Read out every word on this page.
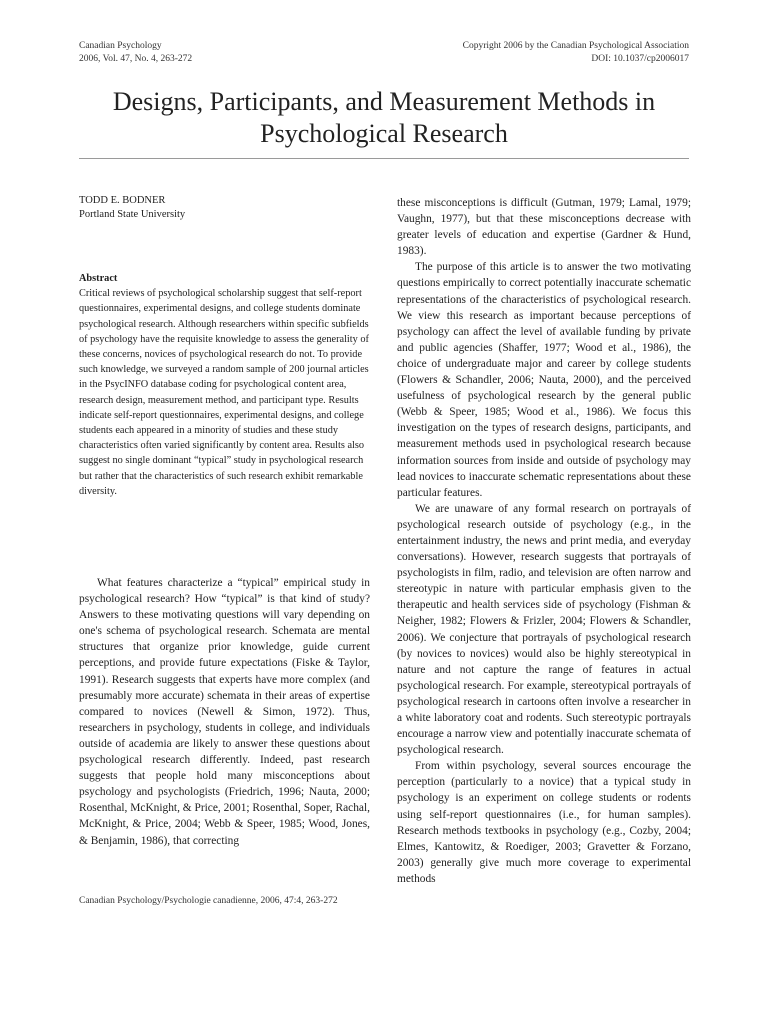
Canadian Psychology
2006, Vol. 47, No. 4, 263-272
Copyright 2006 by the Canadian Psychological Association
DOI: 10.1037/cp2006017
Designs, Participants, and Measurement Methods in Psychological Research
TODD E. BODNER
Portland State University
Abstract
Critical reviews of psychological scholarship suggest that self-report questionnaires, experimental designs, and college students dominate psychological research. Although researchers within specific subfields of psychology have the requisite knowledge to assess the generality of these concerns, novices of psychological research do not. To provide such knowledge, we surveyed a random sample of 200 journal articles in the PsycINFO database coding for psychological content area, research design, measurement method, and participant type. Results indicate self-report questionnaires, experimental designs, and college students each appeared in a minority of studies and these study characteristics often varied significantly by content area. Results also suggest no single dominant “typical” study in psychological research but rather that the characteristics of such research exhibit remarkable diversity.

What features characterize a “typical” empirical study in psychological research? How “typical” is that kind of study? Answers to these motivating questions will vary depending on one's schema of psychological research. Schemata are mental structures that organize prior knowledge, guide current perceptions, and provide future expectations (Fiske & Taylor, 1991). Research suggests that experts have more complex (and presumably more accurate) schemata in their areas of expertise compared to novices (Newell & Simon, 1972). Thus, researchers in psychology, students in college, and individuals outside of academia are likely to answer these questions about psychological research differently. Indeed, past research suggests that people hold many misconceptions about psychology and psychologists (Friedrich, 1996; Nauta, 2000; Rosenthal, McKnight, & Price, 2001; Rosenthal, Soper, Rachal, McKnight, & Price, 2004; Webb & Speer, 1985; Wood, Jones, & Benjamin, 1986), that correcting

these misconceptions is difficult (Gutman, 1979; Lamal, 1979; Vaughn, 1977), but that these misconceptions decrease with greater levels of education and expertise (Gardner & Hund, 1983).

The purpose of this article is to answer the two motivating questions empirically to correct potentially inaccurate schematic representations of the characteristics of psychological research. We view this research as important because perceptions of psychology can affect the level of available funding by private and public agencies (Shaffer, 1977; Wood et al., 1986), the choice of undergraduate major and career by college students (Flowers & Schandler, 2006; Nauta, 2000), and the perceived usefulness of psychological research by the general public (Webb & Speer, 1985; Wood et al., 1986). We focus this investigation on the types of research designs, participants, and measurement methods used in psychological research because information sources from inside and outside of psychology may lead novices to inaccurate schematic representations about these particular features.

We are unaware of any formal research on portrayals of psychological research outside of psychology (e.g., in the entertainment industry, the news and print media, and everyday conversations). However, research suggests that portrayals of psychologists in film, radio, and television are often narrow and stereotypic in nature with particular emphasis given to the therapeutic and health services side of psychology (Fishman & Neigher, 1982; Flowers & Frizler, 2004; Flowers & Schandler, 2006). We conjecture that portrayals of psychological research (by novices to novices) would also be highly stereotypical in nature and not capture the range of features in actual psychological research. For example, stereotypical portrayals of psychological research in cartoons often involve a researcher in a white laboratory coat and rodents. Such stereotypic portrayals encourage a narrow view and potentially inaccurate schemata of psychological research.

From within psychology, several sources encourage the perception (particularly to a novice) that a typical study in psychology is an experiment on college students or rodents using self-report questionnaires (i.e., for human samples). Research methods textbooks in psychology (e.g., Cozby, 2004; Elmes, Kantowitz, & Roediger, 2003; Gravetter & Forzano, 2003) generally give much more coverage to experimental methods

Canadian Psychology/Psychologie canadienne, 2006, 47:4, 263-272
